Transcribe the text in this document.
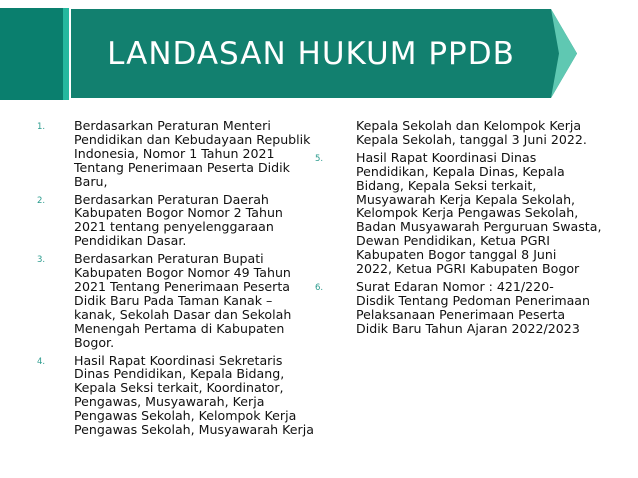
LANDASAN HUKUM PPDB
1. Berdasarkan Peraturan Menteri
Pendidikan dan Kebudayaan Republik
Indonesia, Nomor 1 Tahun 2021
Tentang Penerimaan Peserta Didik
Baru,
2. Berdasarkan Peraturan Daerah
Kabupaten Bogor Nomor 2 Tahun
2021 tentang penyelenggaraan
Pendidikan Dasar.
3. Berdasarkan Peraturan Bupati
Kabupaten Bogor Nomor 49 Tahun
2021 Tentang Penerimaan Peserta
Didik Baru Pada Taman Kanak –
kanak, Sekolah Dasar dan Sekolah
Menengah Pertama di Kabupaten
Bogor.
4. Hasil Rapat Koordinasi Sekretaris
Dinas Pendidikan, Kepala Bidang,
Kepala Seksi terkait, Koordinator,
Pengawas, Musyawarah, Kerja
Pengawas Sekolah, Kelompok Kerja
Pengawas Sekolah, Musyawarah Kerja
Kepala Sekolah dan Kelompok Kerja
Kepala Sekolah, tanggal 3 Juni 2022.
5.	Hasil Rapat Koordinasi Dinas
Pendidikan, Kepala Dinas, Kepala
Bidang, Kepala Seksi terkait,
Musyawarah Kerja Kepala Sekolah,
Kelompok Kerja Pengawas Sekolah,
Badan Musyawarah Perguruan Swasta,
Dewan Pendidikan, Ketua PGRI
Kabupaten Bogor tanggal 8 Juni
2022, Ketua PGRI Kabupaten Bogor
6.	Surat Edaran Nomor : 421/220-
Disdik Tentang Pedoman Penerimaan
Pelaksanaan Penerimaan Peserta
Didik Baru Tahun Ajaran 2022/2023
